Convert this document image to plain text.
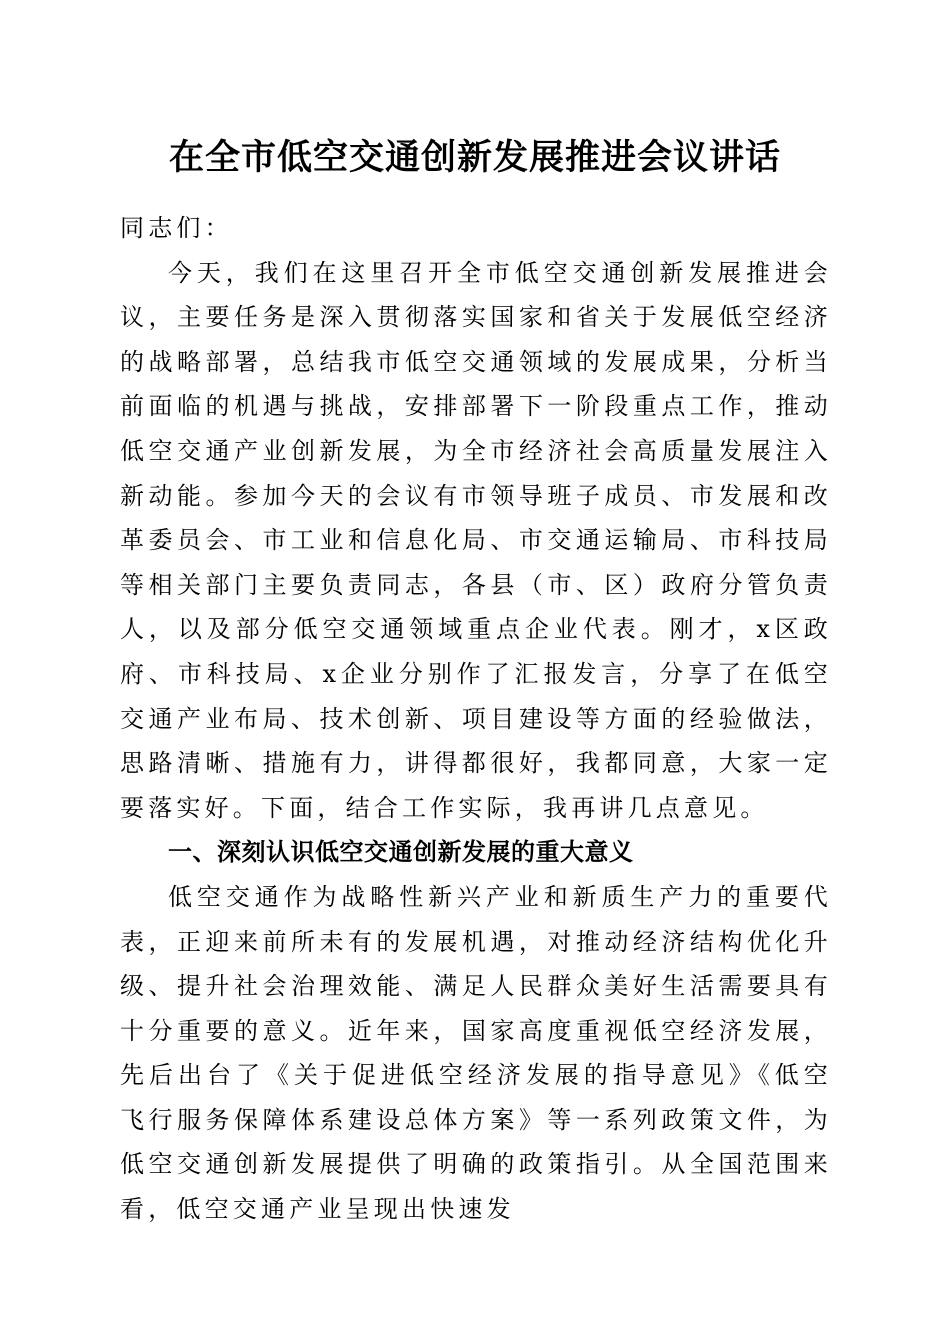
在全市低空交通创新发展推进会议讲话

同志们：

今天，我们在这里召开全市低空交通创新发展推进会议，主要任务是深入贯彻落实国家和省关于发展低空经济的战略部署，总结我市低空交通领域的发展成果，分析当前面临的机遇与挑战，安排部署下一阶段重点工作，推动低空交通产业创新发展，为全市经济社会高质量发展注入新动能。参加今天的会议有市领导班子成员、市发展和改革委员会、市工业和信息化局、市交通运输局、市科技局等相关部门主要负责同志，各县（市、区）政府分管负责人，以及部分低空交通领域重点企业代表。刚才，x区政府、市科技局、x企业分别作了汇报发言，分享了在低空交通产业布局、技术创新、项目建设等方面的经验做法，思路清晰、措施有力，讲得都很好，我都同意，大家一定要落实好。下面，结合工作实际，我再讲几点意见。

一、深刻认识低空交通创新发展的重大意义

低空交通作为战略性新兴产业和新质生产力的重要代表，正迎来前所未有的发展机遇，对推动经济结构优化升级、提升社会治理效能、满足人民群众美好生活需要具有十分重要的意义。近年来，国家高度重视低空经济发展，先后出台了《关于促进低空经济发展的指导意见》《低空飞行服务保障体系建设总体方案》等一系列政策文件，为低空交通创新发展提供了明确的政策指引。从全国范围来看，低空交通产业呈现出快速发
